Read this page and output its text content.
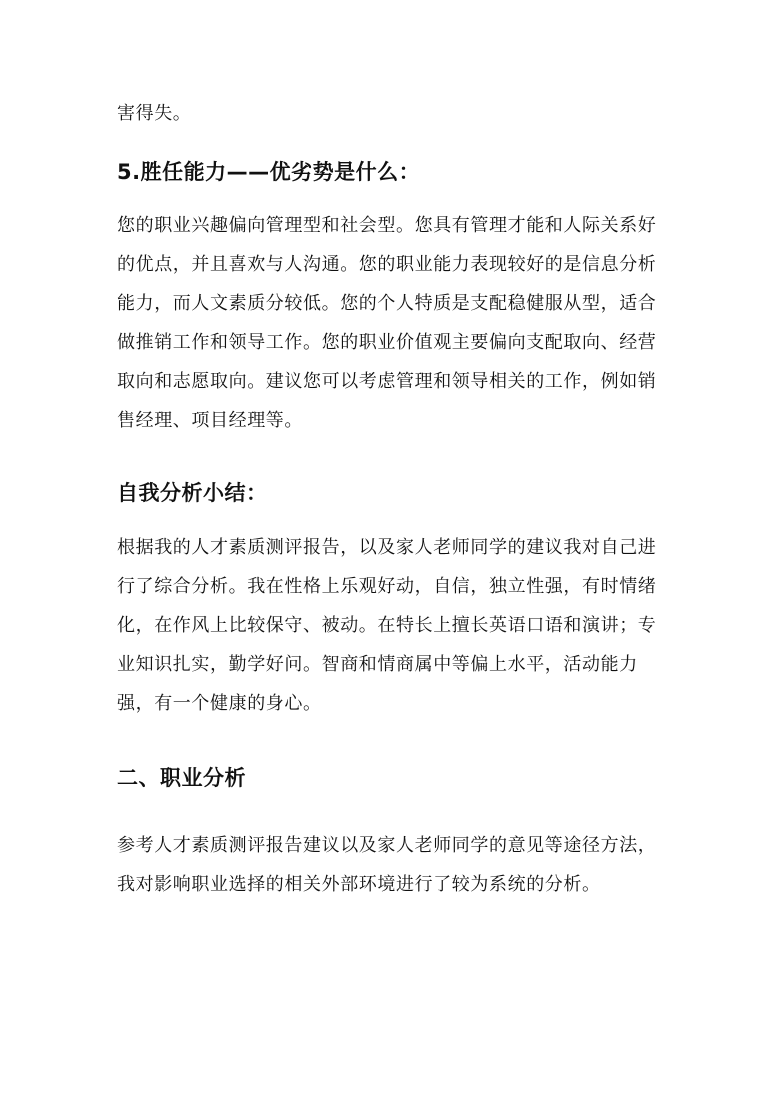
害得失。

5.胜任能力——优劣势是什么：

您的职业兴趣偏向管理型和社会型。您具有管理才能和人际关系好的优点，并且喜欢与人沟通。您的职业能力表现较好的是信息分析能力，而人文素质分较低。您的个人特质是支配稳健服从型，适合做推销工作和领导工作。您的职业价值观主要偏向支配取向、经营取向和志愿取向。建议您可以考虑管理和领导相关的工作，例如销售经理、项目经理等。

自我分析小结：

根据我的人才素质测评报告，以及家人老师同学的建议我对自己进行了综合分析。我在性格上乐观好动，自信，独立性强，有时情绪化，在作风上比较保守、被动。在特长上擅长英语口语和演讲；专业知识扎实，勤学好问。智商和情商属中等偏上水平，活动能力强，有一个健康的身心。

二、职业分析

参考人才素质测评报告建议以及家人老师同学的意见等途径方法，我对影响职业选择的相关外部环境进行了较为系统的分析。
